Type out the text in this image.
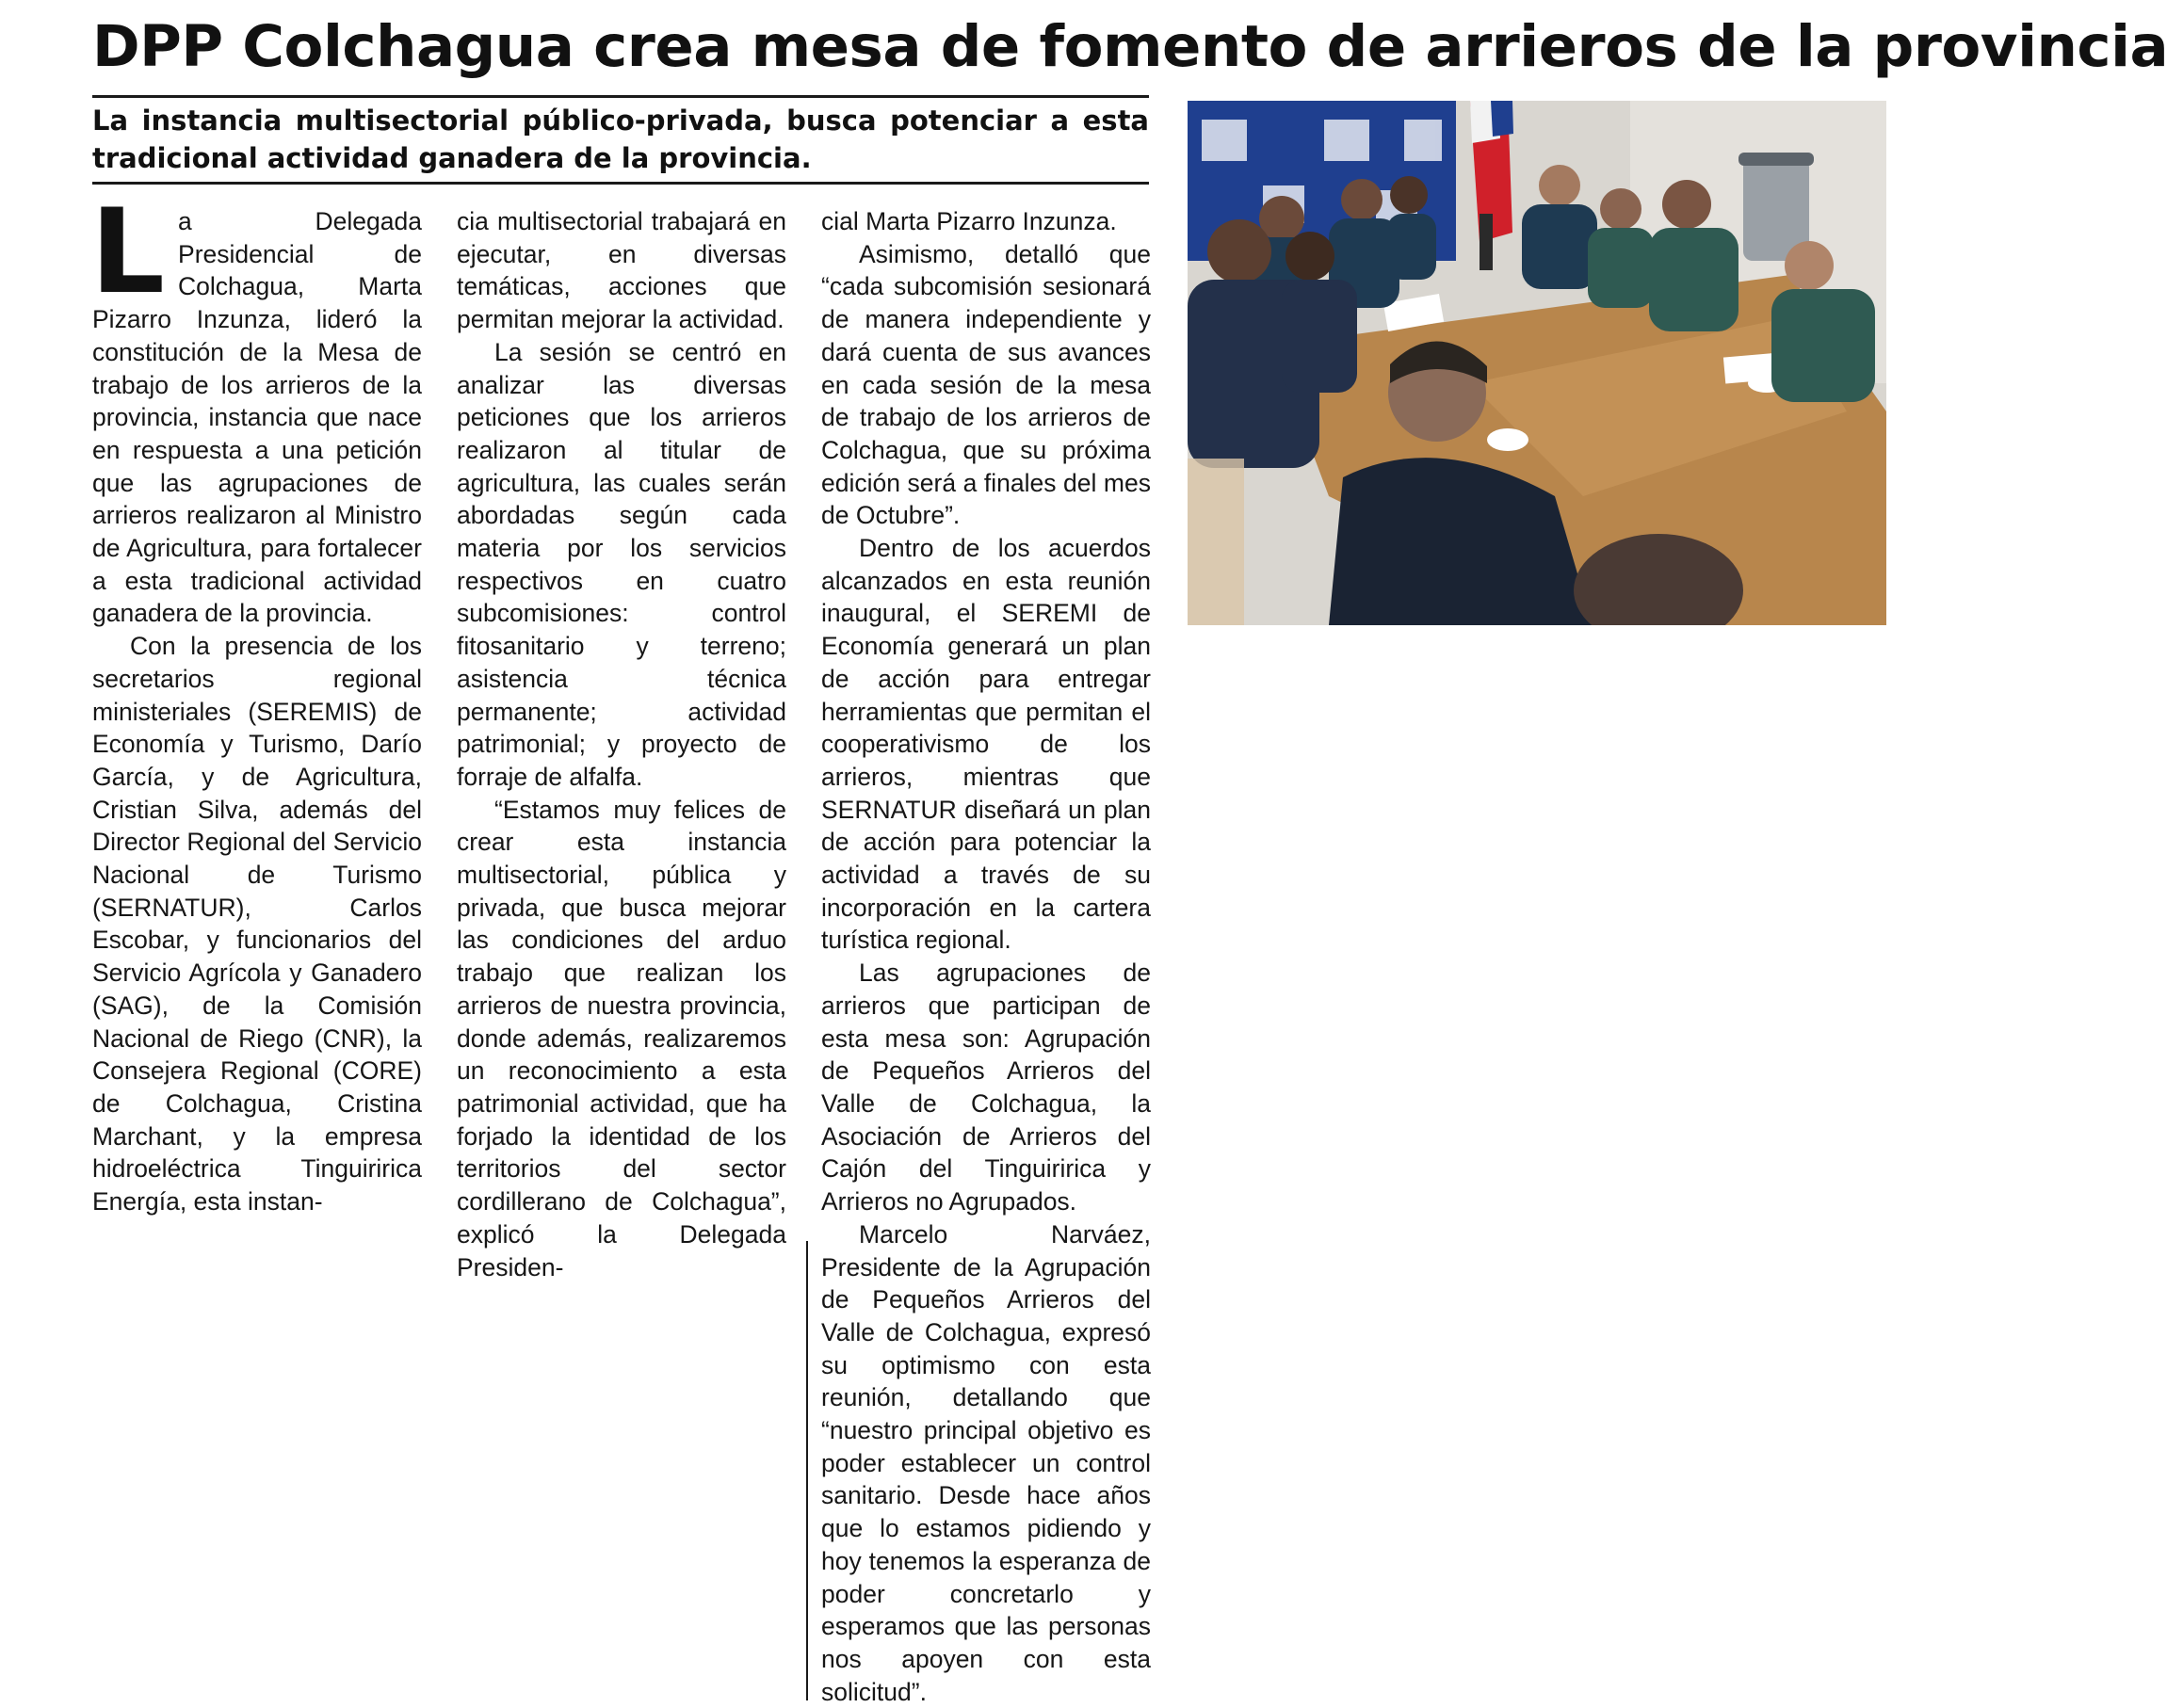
DPP Colchagua crea mesa de fomento de arrieros de la provincia

La instancia multisectorial público-privada, busca potenciar a esta tradicional actividad ganadera de la provincia.

La Delegada Presidencial de Colchagua, Marta Pizarro Inzunza, lideró la constitución de la Mesa de trabajo de los arrieros de la provincia, instancia que nace en respuesta a una petición que las agrupaciones de arrieros realizaron al Ministro de Agricultura, para fortalecer a esta tradicional actividad ganadera de la provincia.

Con la presencia de los secretarios regional ministeriales (SEREMIS) de Economía y Turismo, Darío García, y de Agricultura, Cristian Silva, además del Director Regional del Servicio Nacional de Turismo (SERNATUR), Carlos Escobar, y funcionarios del Servicio Agrícola y Ganadero (SAG), de la Comisión Nacional de Riego (CNR), la Consejera Regional (CORE) de Colchagua, Cristina Marchant, y la empresa hidroeléctrica Tinguiririca Energía, esta instan-

cia multisectorial trabajará en ejecutar, en diversas temáticas, acciones que permitan mejorar la actividad.

La sesión se centró en analizar las diversas peticiones que los arrieros realizaron al titular de agricultura, las cuales serán abordadas según cada materia por los servicios respectivos en cuatro subcomisiones: control fitosanitario y terreno; asistencia técnica permanente; actividad patrimonial; y proyecto de forraje de alfalfa.

“Estamos muy felices de crear esta instancia multisectorial, pública y privada, que busca mejorar las condiciones del arduo trabajo que realizan los arrieros de nuestra provincia, donde además, realizaremos un reconocimiento a esta patrimonial actividad, que ha forjado la identidad de los territorios del sector cordillerano de Colchagua”, explicó la Delegada Presiden-

cial Marta Pizarro Inzunza.

Asimismo, detalló que “cada subcomisión sesionará de manera independiente y dará cuenta de sus avances en cada sesión de la mesa de trabajo de los arrieros de Colchagua, que su próxima edición será a finales del mes de Octubre”.

Dentro de los acuerdos alcanzados en esta reunión inaugural, el SEREMI de Economía generará un plan de acción para entregar herramientas que permitan el cooperativismo de los arrieros, mientras que SERNATUR diseñará un plan de acción para potenciar la actividad a través de su incorporación en la cartera turística regional.

Las agrupaciones de arrieros que participan de esta mesa son: Agrupación de Pequeños Arrieros del Valle de Colchagua, la Asociación de Arrieros del Cajón del Tinguiririca y Arrieros no Agrupados.

Marcelo Narváez, Presidente de la Agrupación de Pequeños Arrieros del Valle de Colchagua, expresó su optimismo con esta reunión, detallando que “nuestro principal objetivo es poder establecer un control sanitario. Desde hace años que lo estamos pidiendo y hoy tenemos la esperanza de poder concretarlo y esperamos que las personas nos apoyen con esta solicitud”.
